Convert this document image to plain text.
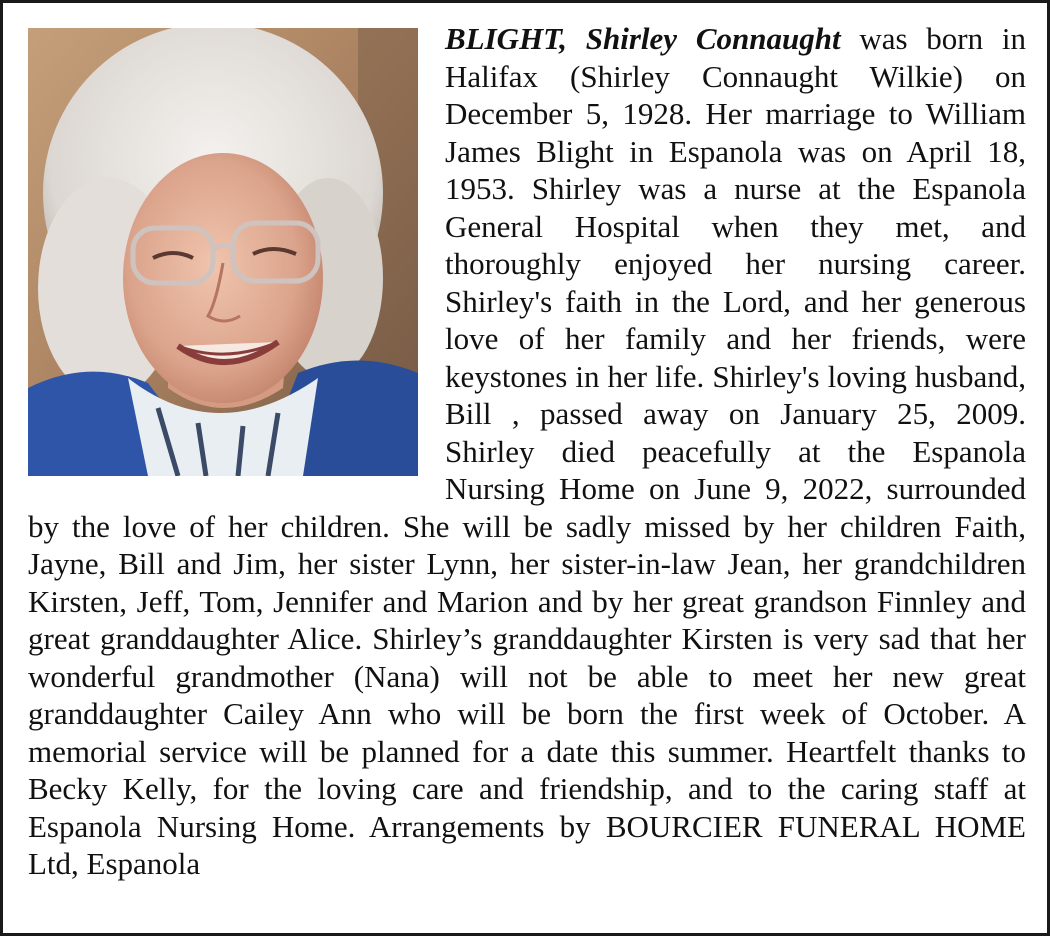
BLIGHT, Shirley Connaught was born in Halifax (Shirley Connaught Wilkie) on December 5, 1928. Her marriage to William James Blight in Espanola was on April 18, 1953. Shirley was a nurse at the Espanola General Hospital when they met, and thoroughly enjoyed her nursing career. Shirley's faith in the Lord, and her generous love of her family and her friends, were keystones in her life. Shirley's loving husband, Bill , passed away on January 25, 2009. Shirley died peacefully at the Espanola Nursing Home on June 9, 2022, surrounded by the love of her children. She will be sadly missed by her children Faith, Jayne, Bill and Jim, her sister Lynn, her sister-in-law Jean, her grandchildren Kirsten, Jeff, Tom, Jennifer and Marion and by her great grandson Finnley and great granddaughter Alice. Shirley’s granddaughter Kirsten is very sad that her wonderful grandmother (Nana) will not be able to meet her new great granddaughter Cailey Ann who will be born the first week of October. A memorial service will be planned for a date this summer. Heartfelt thanks to Becky Kelly, for the loving care and friendship, and to the caring staff at Espanola Nursing Home. Arrangements by BOURCIER FUNERAL HOME Ltd, Espanola
